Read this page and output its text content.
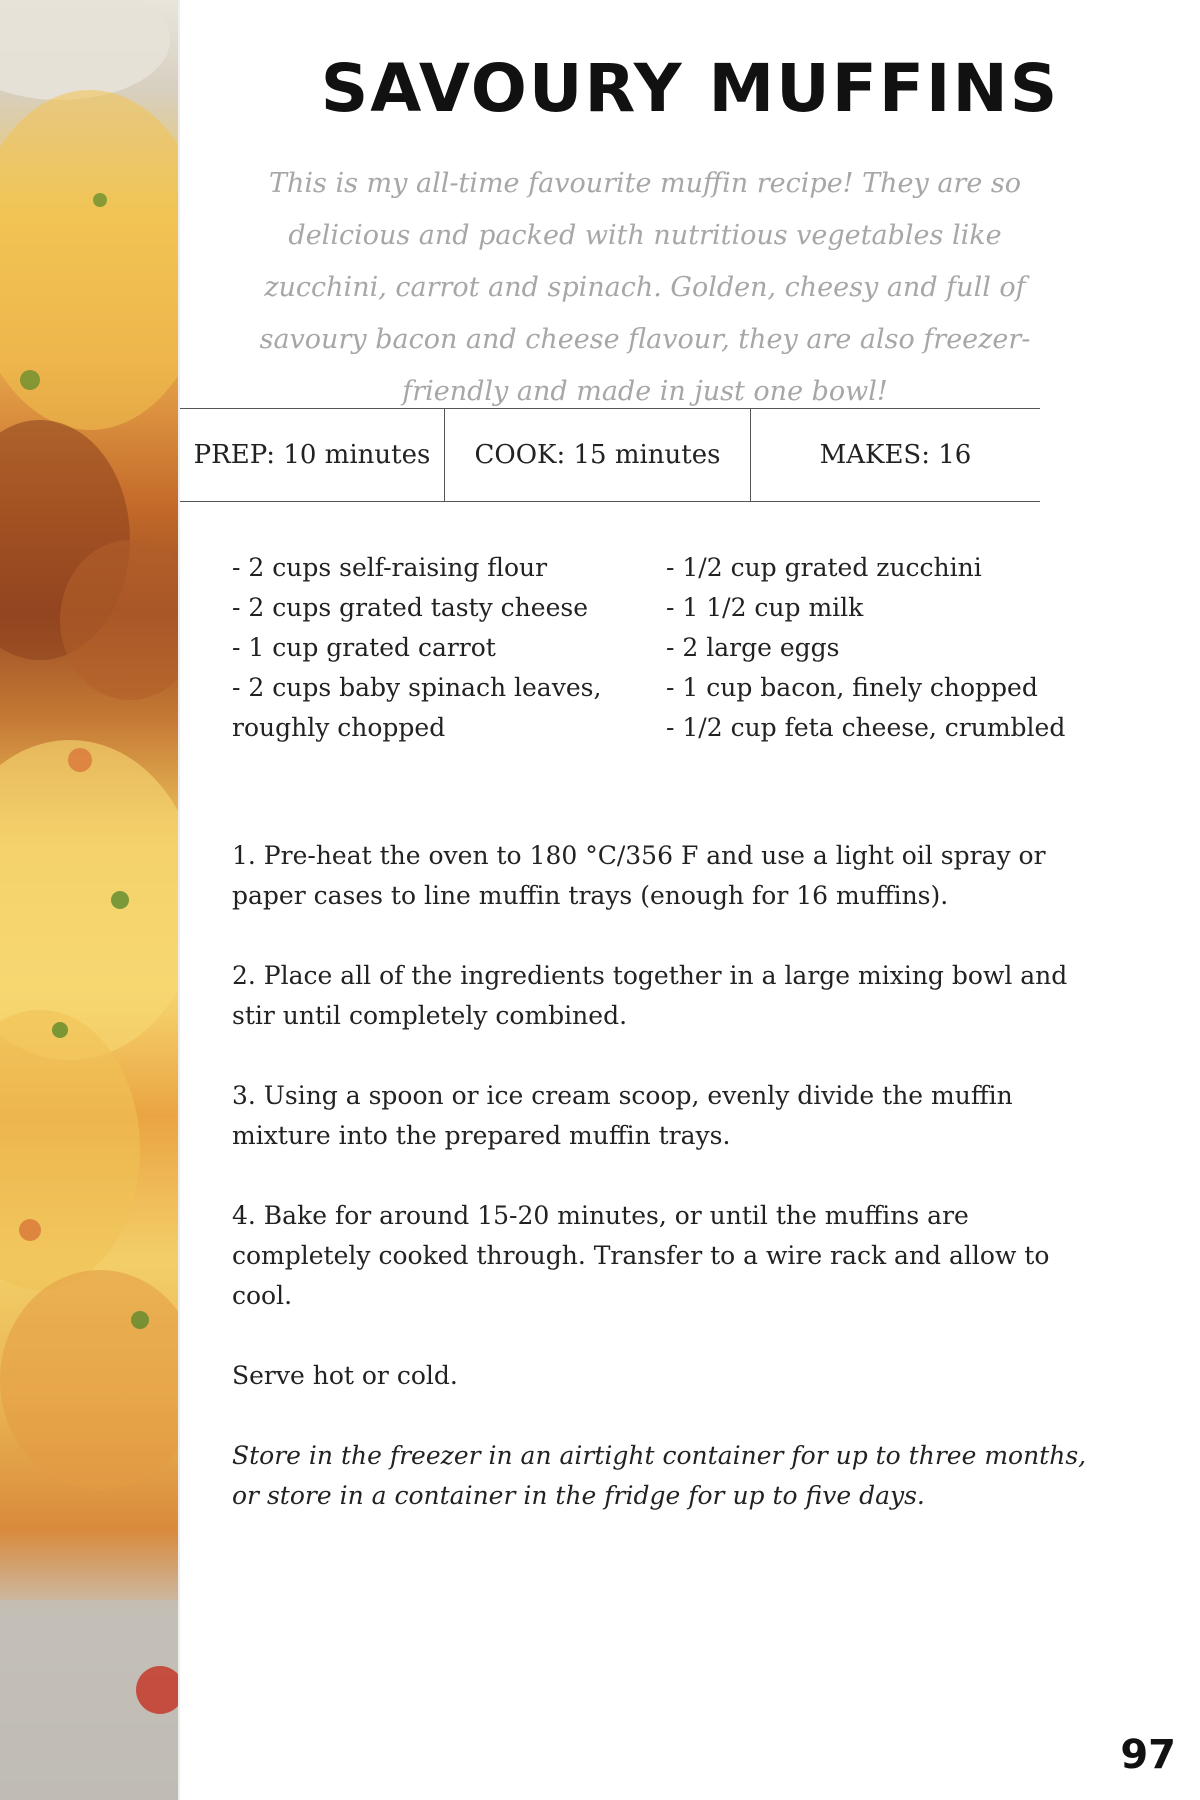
SAVOURY MUFFINS

This is my all-time favourite muffin recipe! They are so delicious and packed with nutritious vegetables like zucchini, carrot and spinach. Golden, cheesy and full of savoury bacon and cheese flavour, they are also freezer-friendly and made in just one bowl!

PREP: 10 minutes	COOK: 15 minutes	MAKES: 16
- 2 cups self-raising flour
- 2 cups grated tasty cheese
- 1 cup grated carrot
- 2 cups baby spinach leaves, roughly chopped
- 1/2 cup grated zucchini
- 1 1/2 cup milk
- 2 large eggs
- 1 cup bacon, finely chopped
- 1/2 cup feta cheese, crumbled

1. Pre-heat the oven to 180 °C/356 F and use a light oil spray or paper cases to line muffin trays (enough for 16 muffins).

2. Place all of the ingredients together in a large mixing bowl and stir until completely combined.

3. Using a spoon or ice cream scoop, evenly divide the muffin mixture into the prepared muffin trays.

4. Bake for around 15-20 minutes, or until the muffins are completely cooked through. Transfer to a wire rack and allow to cool.

Serve hot or cold.

Store in the freezer in an airtight container for up to three months, or store in a container in the fridge for up to five days.

97
